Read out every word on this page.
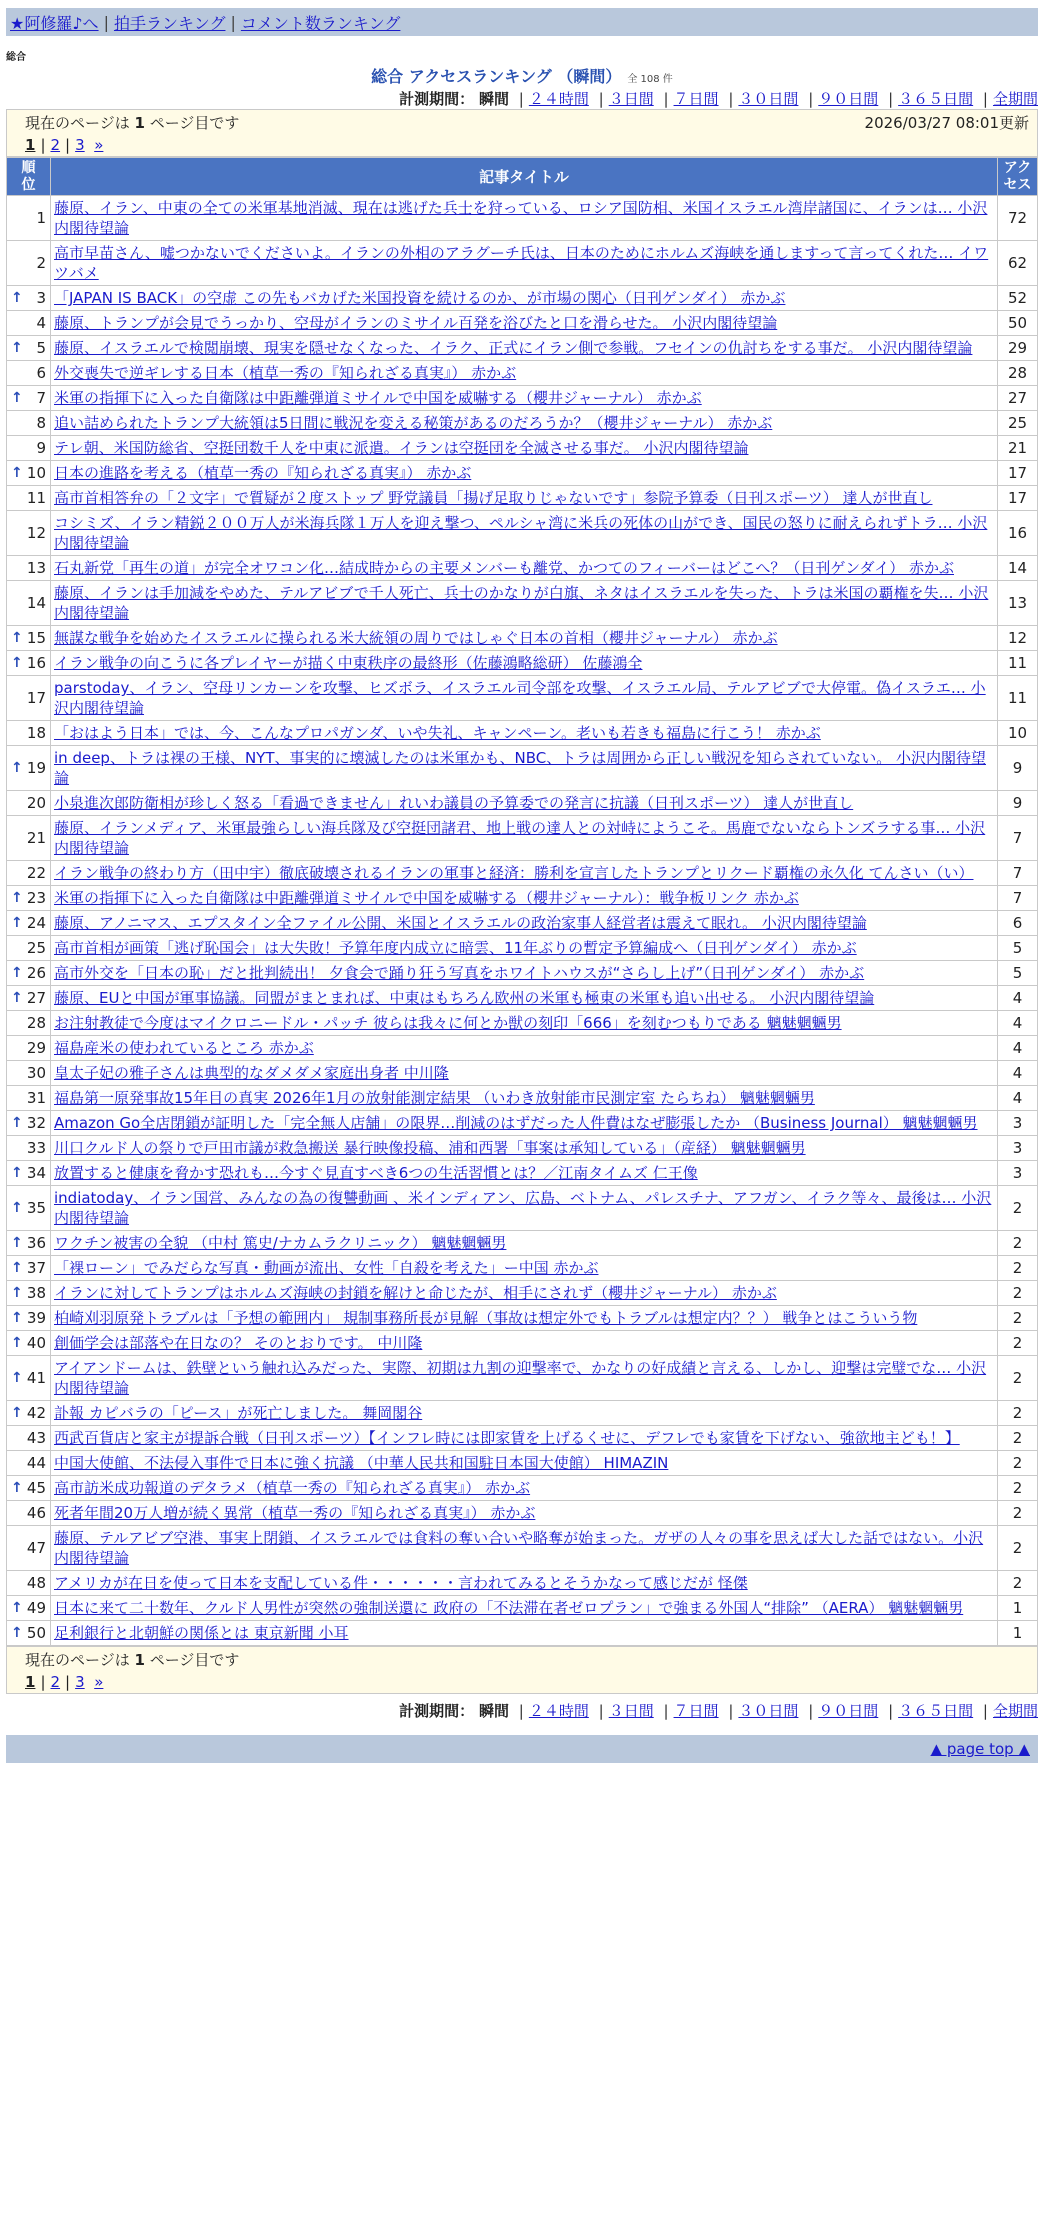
★阿修羅♪へ | 拍手ランキング | コメント数ランキング
総合
総合 アクセスランキング （瞬間） 全 108 件
計測期間： 瞬間 | ２４時間 | ３日間 | ７日間 | ３０日間 | ９０日間 | ３６５日間 | 全期間
現在のページは 1 ページ目です	2026/03/27 08:01更新
1 | 2 | 3 »
順位	記事タイトル	アクセス
1	藤原、イラン、中東の全ての米軍基地消滅、現在は逃げた兵士を狩っている、ロシア国防相、米国イスラエル湾岸諸国に、イランは… 小沢内閣待望論	72
2	高市早苗さん、嘘つかないでくださいよ。イランの外相のアラグーチ氏は、日本のためにホルムズ海峡を通しますって言ってくれた… イワツバメ	62

↑ 3	「JAPAN IS BACK」の空虚 この先もバカげた米国投資を続けるのか、が市場の関心（日刊ゲンダイ） 赤かぶ	52
4	藤原、トランプが会見でうっかり、空母がイランのミサイル百発を浴びたと口を滑らせた。 小沢内閣待望論	50

↑ 5	藤原、イスラエルで検閲崩壊、現実を隠せなくなった、イラク、正式にイラン側で参戦。フセインの仇討ちをする事だ。 小沢内閣待望論	29
6	外交喪失で逆ギレする日本（植草一秀の『知られざる真実』） 赤かぶ	28

↑ 7	米軍の指揮下に入った自衛隊は中距離弾道ミサイルで中国を威嚇する（櫻井ジャーナル） 赤かぶ	27
8	追い詰められたトランプ大統領は5日間に戦況を変える秘策があるのだろうか？（櫻井ジャーナル） 赤かぶ	25
9	テレ朝、米国防総省、空挺団数千人を中東に派遣。イランは空挺団を全滅させる事だ。 小沢内閣待望論	21

↑ 10	日本の進路を考える（植草一秀の『知られざる真実』） 赤かぶ	17
11	高市首相答弁の「２文字」で質疑が２度ストップ 野党議員「揚げ足取りじゃないです」参院予算委（日刊スポーツ） 達人が世直し	17
12	コシミズ、イラン精鋭２００万人が米海兵隊１万人を迎え撃つ、ペルシャ湾に米兵の死体の山ができ、国民の怒りに耐えられずトラ… 小沢内閣待望論	16
13	石丸新党「再生の道」が完全オワコン化…結成時からの主要メンバーも離党、かつてのフィーバーはどこへ？（日刊ゲンダイ） 赤かぶ	14
14	藤原、イランは手加減をやめた、テルアビブで千人死亡、兵士のかなりが白旗、ネタはイスラエルを失った、トラは米国の覇権を失… 小沢内閣待望論	13

↑ 15	無謀な戦争を始めたイスラエルに操られる米大統領の周りではしゃぐ日本の首相（櫻井ジャーナル） 赤かぶ	12

↑ 16	イラン戦争の向こうに各プレイヤーが描く中東秩序の最終形（佐藤鴻略総研） 佐藤鴻全	11
17	parstoday、イラン、空母リンカーンを攻撃、ヒズボラ、イスラエル司令部を攻撃、イスラエル局、テルアビブで大停電。偽イスラエ… 小沢内閣待望論	11
18	「おはよう日本」では、今、こんなプロパガンダ、いや失礼、キャンペーン。老いも若きも福島に行こう！ 赤かぶ	10

↑ 19	in deep、トラは裸の王様、NYT、事実的に壊滅したのは米軍かも、NBC、トラは周囲から正しい戦況を知らされていない。 小沢内閣待望論	9
20	小泉進次郎防衛相が珍しく怒る「看過できません」れいわ議員の予算委での発言に抗議（日刊スポーツ） 達人が世直し	9
21	藤原、イランメディア、米軍最強らしい海兵隊及び空挺団諸君、地上戦の達人との対峙にようこそ。馬鹿でないならトンズラする事… 小沢内閣待望論	7
22	イラン戦争の終わり方（田中宇）徹底破壊されるイランの軍事と経済：勝利を宣言したトランプとリクード覇権の永久化 てんさい（い）	7

↑ 23	米軍の指揮下に入った自衛隊は中距離弾道ミサイルで中国を威嚇する（櫻井ジャーナル）：戦争板リンク 赤かぶ	7

↑ 24	藤原、アノニマス、エプスタイン全ファイル公開、米国とイスラエルの政治家事人経営者は震えて眠れ。 小沢内閣待望論	6
25	高市首相が画策「逃げ恥国会」は大失敗！予算年度内成立に暗雲、11年ぶりの暫定予算編成へ（日刊ゲンダイ） 赤かぶ	5

↑ 26	高市外交を「日本の恥」だと批判続出！ 夕食会で踊り狂う写真をホワイトハウスが“さらし上げ”（日刊ゲンダイ） 赤かぶ	5

↑ 27	藤原、EUと中国が軍事協議。同盟がまとまれば、中東はもちろん欧州の米軍も極東の米軍も追い出せる。 小沢内閣待望論	4
28	お注射教徒で今度はマイクロニードル・パッチ 彼らは我々に何とか獣の刻印「666」を刻むつもりである 魑魅魍魎男	4
29	福島産米の使われているところ 赤かぶ	4
30	皇太子妃の雅子さんは典型的なダメダメ家庭出身者 中川隆	4
31	福島第一原発事故15年目の真実 2026年1月の放射能測定結果 （いわき放射能市民測定室 たらちね） 魑魅魍魎男	4

↑ 32	Amazon Go全店閉鎖が証明した「完全無人店舗」の限界…削減のはずだった人件費はなぜ膨張したか （Business Journal） 魑魅魍魎男	3
33	川口クルド人の祭りで戸田市議が救急搬送 暴行映像投稿、浦和西署「事案は承知している」（産経） 魑魅魍魎男	3

↑ 34	放置すると健康を脅かす恐れも…今すぐ見直すべき6つの生活習慣とは？／江南タイムズ 仁王像	3

↑ 35	indiatoday、イラン国営、みんなの為の復讐動画 、米インディアン、広島、ベトナム、パレスチナ、アフガン、イラク等々、最後は… 小沢内閣待望論	2

↑ 36	ワクチン被害の全貌 （中村 篤史/ナカムラクリニック） 魑魅魍魎男	2

↑ 37	「裸ローン」でみだらな写真・動画が流出、女性「自殺を考えた」ー中国 赤かぶ	2

↑ 38	イランに対してトランプはホルムズ海峡の封鎖を解けと命じたが、相手にされず（櫻井ジャーナル） 赤かぶ	2

↑ 39	柏崎刈羽原発トラブルは「予想の範囲内」 規制事務所長が見解（事故は想定外でもトラブルは想定内？？） 戦争とはこういう物	2

↑ 40	創価学会は部落や在日なの？ そのとおりです。 中川隆	2

↑ 41	アイアンドームは、鉄壁という触れ込みだった、実際、初期は九割の迎撃率で、かなりの好成績と言える、しかし、迎撃は完璧でな… 小沢内閣待望論	2

↑ 42	訃報 カピバラの「ピース」が死亡しました。 舞岡閣谷	2
43	西武百貨店と家主が提訴合戦（日刊スポーツ）【インフレ時には即家賃を上げるくせに、デフレでも家賃を下げない、強欲地主ども！】	2
44	中国大使館、不法侵入事件で日本に強く抗議 （中華人民共和国駐日本国大使館） HIMAZIN	2

↑ 45	高市訪米成功報道のデタラメ（植草一秀の『知られざる真実』） 赤かぶ	2
46	死者年間20万人増が続く異常（植草一秀の『知られざる真実』） 赤かぶ	2
47	藤原、テルアビブ空港、事実上閉鎖、イスラエルでは食料の奪い合いや略奪が始まった。ガザの人々の事を思えば大した話ではない。小沢内閣待望論	2
48	アメリカが在日を使って日本を支配している件・・・・・・言われてみるとそうかなって感じだが 怪傑	2

↑ 49	日本に来て二十数年、クルド人男性が突然の強制送還に 政府の「不法滞在者ゼロプラン」で強まる外国人“排除” （AERA） 魑魅魍魎男	1

↑ 50	足利銀行と北朝鮮の関係とは 東京新聞 小耳	1
現在のページは 1 ページ目です
1 | 2 | 3 »
計測期間： 瞬間 | ２４時間 | ３日間 | ７日間 | ３０日間 | ９０日間 | ３６５日間 | 全期間
▲ page top ▲
